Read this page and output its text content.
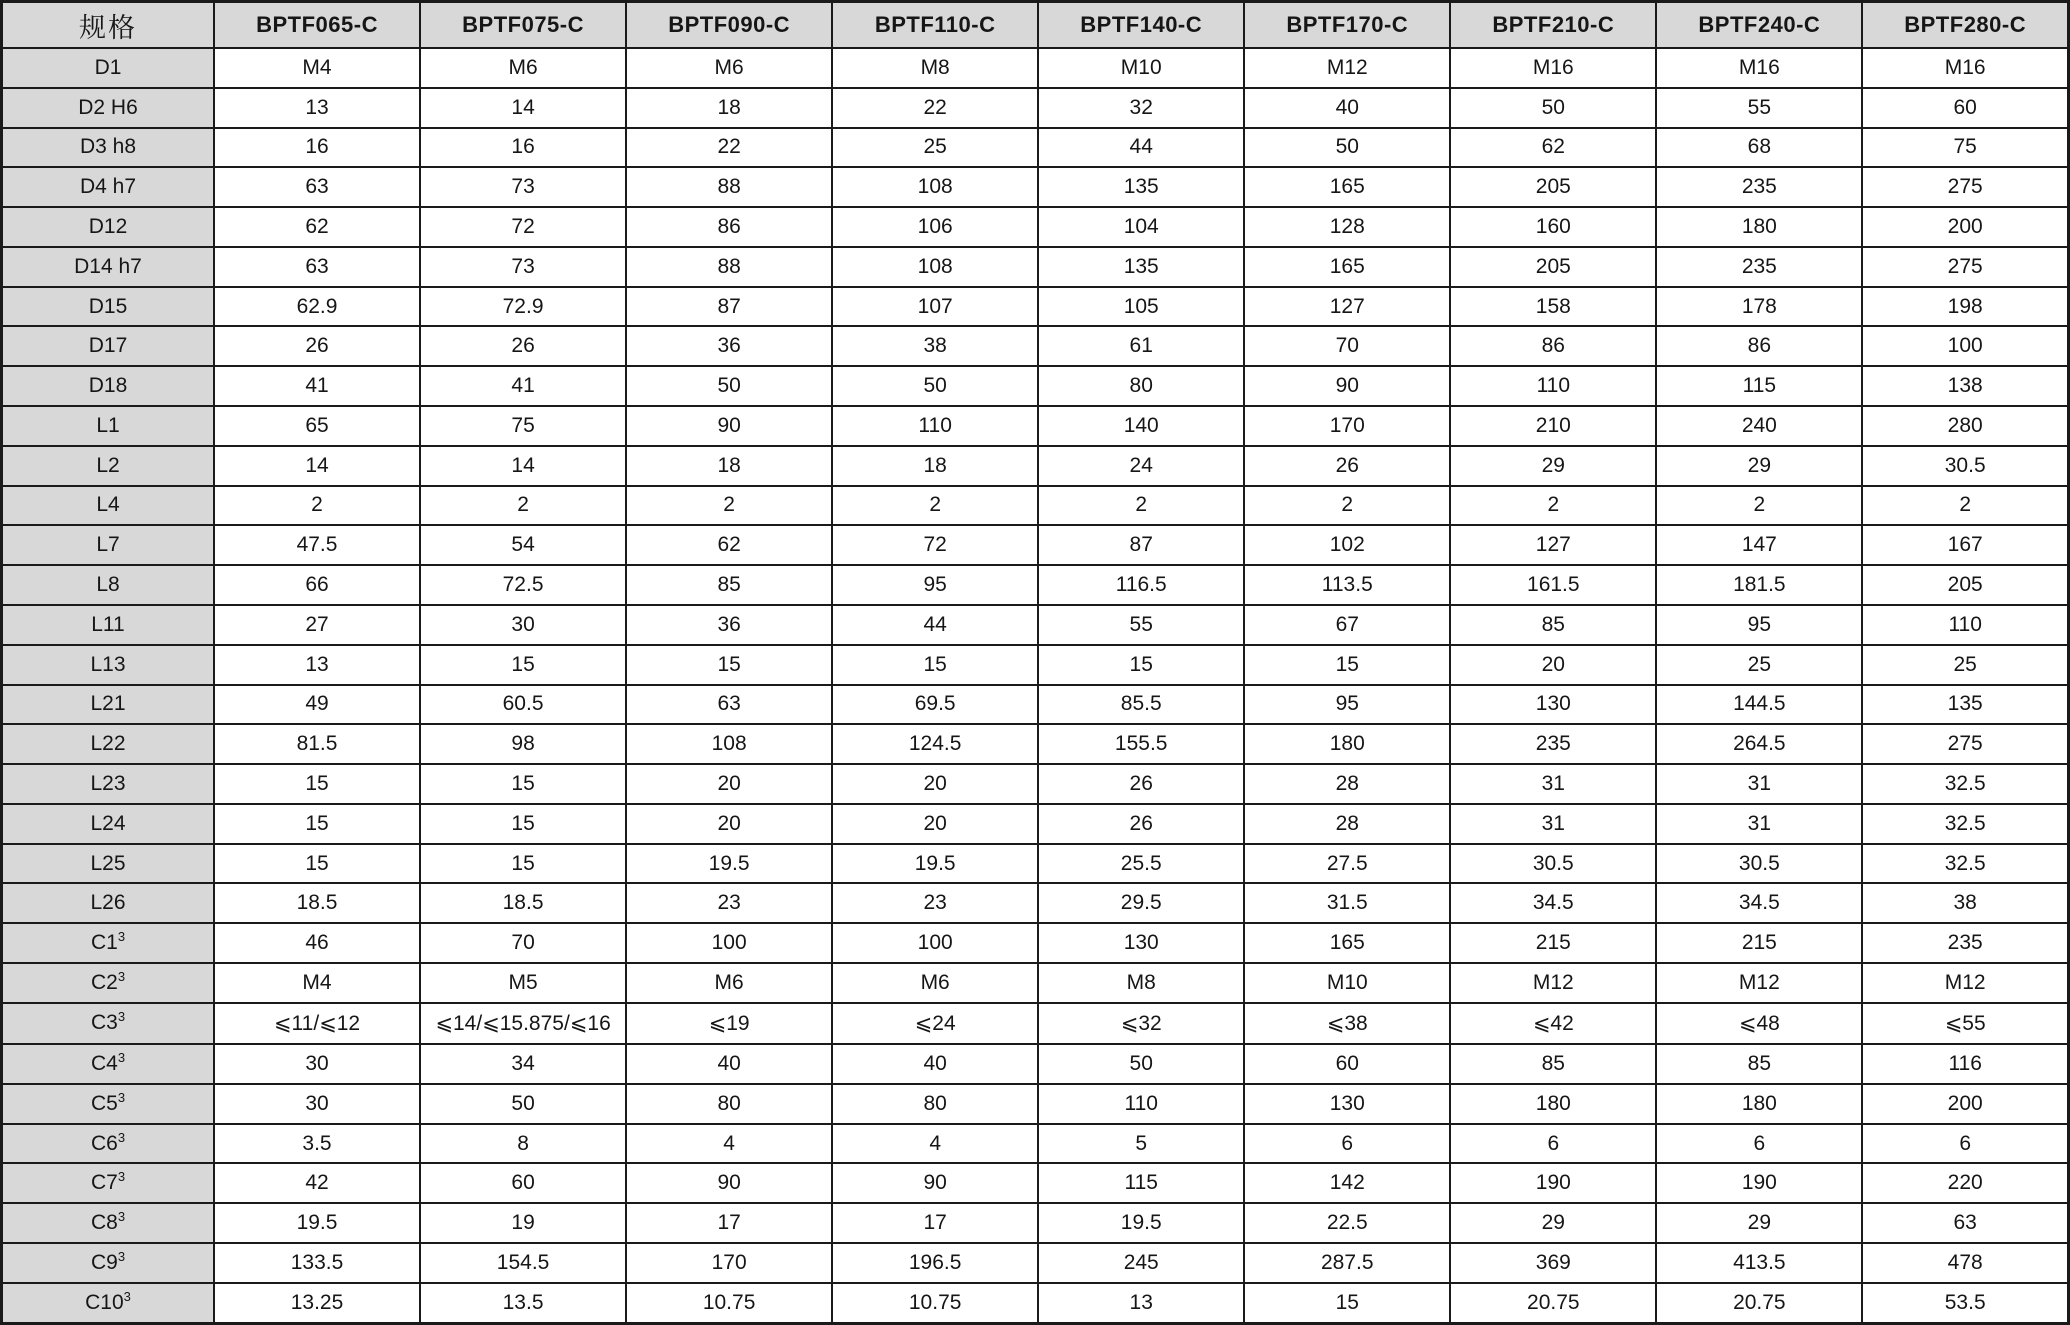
规格	BPTF065-C	BPTF075-C	BPTF090-C	BPTF110-C	BPTF140-C	BPTF170-C	BPTF210-C	BPTF240-C	BPTF280-C
D1	M4	M6	M6	M8	M10	M12	M16	M16	M16
D2 H6	13	14	18	22	32	40	50	55	60
D3 h8	16	16	22	25	44	50	62	68	75
D4 h7	63	73	88	108	135	165	205	235	275
D12	62	72	86	106	104	128	160	180	200
D14 h7	63	73	88	108	135	165	205	235	275
D15	62.9	72.9	87	107	105	127	158	178	198
D17	26	26	36	38	61	70	86	86	100
D18	41	41	50	50	80	90	110	115	138
L1	65	75	90	110	140	170	210	240	280
L2	14	14	18	18	24	26	29	29	30.5
L4	2	2	2	2	2	2	2	2	2
L7	47.5	54	62	72	87	102	127	147	167
L8	66	72.5	85	95	116.5	113.5	161.5	181.5	205
L11	27	30	36	44	55	67	85	95	110
L13	13	15	15	15	15	15	20	25	25
L21	49	60.5	63	69.5	85.5	95	130	144.5	135
L22	81.5	98	108	124.5	155.5	180	235	264.5	275
L23	15	15	20	20	26	28	31	31	32.5
L24	15	15	20	20	26	28	31	31	32.5
L25	15	15	19.5	19.5	25.5	27.5	30.5	30.5	32.5
L26	18.5	18.5	23	23	29.5	31.5	34.5	34.5	38
$C1^3$	46	70	100	100	130	165	215	215	235
$C2^3$	M4	M5	M6	M6	M8	M10	M12	M12	M12
$C3^3$	⩽11/⩽12	⩽14/⩽15.875/⩽16	⩽19	⩽24	⩽32	⩽38	⩽42	⩽48	⩽55
$C4^3$	30	34	40	40	50	60	85	85	116
$C5^3$	30	50	80	80	110	130	180	180	200
$C6^3$	3.5	8	4	4	5	6	6	6	6
$C7^3$	42	60	90	90	115	142	190	190	220
$C8^3$	19.5	19	17	17	19.5	22.5	29	29	63
$C9^3$	133.5	154.5	170	196.5	245	287.5	369	413.5	478
$C10^3$	13.25	13.5	10.75	10.75	13	15	20.75	20.75	53.5
